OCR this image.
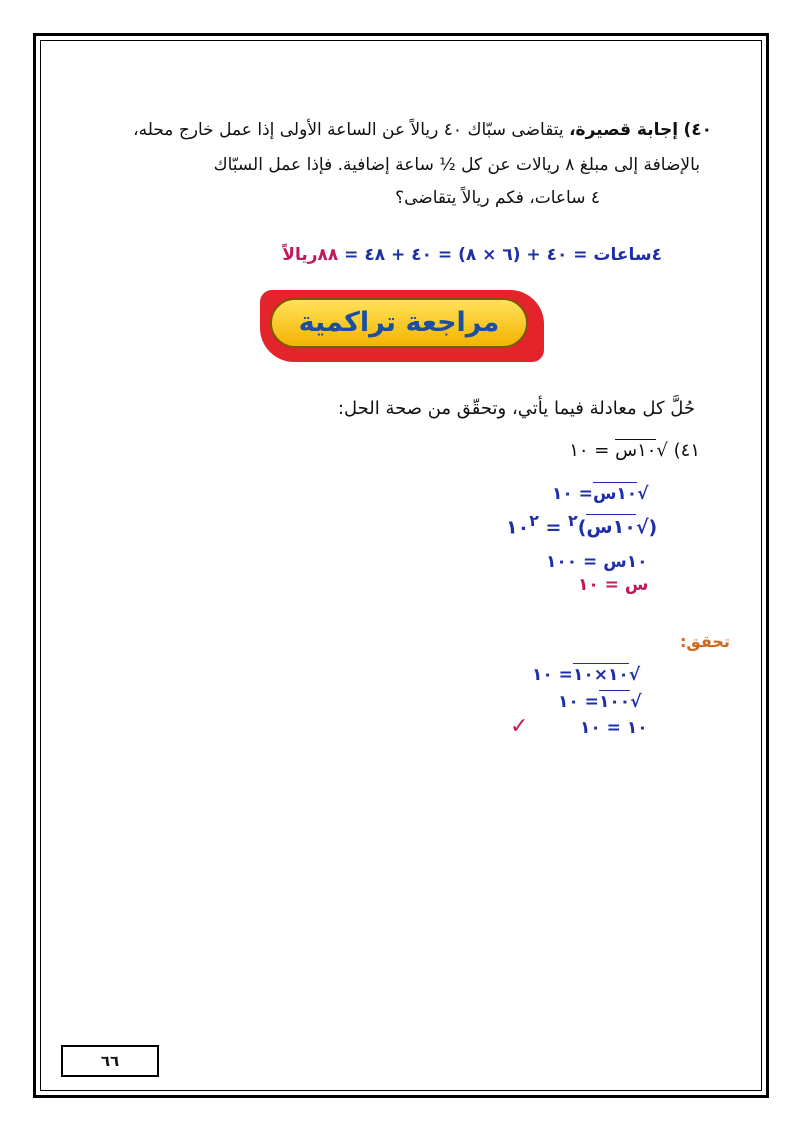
٤٠) إجابة قصيرة، يتقاضى سبّاك ٤٠ ريالاً عن الساعة الأولى إذا عمل خارج محله،
بالإضافة إلى مبلغ ٨ ريالات عن كل ½ ساعة إضافية. فإذا عمل السبّاك
٤ ساعات، فكم ريالاً يتقاضى؟
٤ساعات = ٤٠ + (٦ × ٨) = ٤٠ + ٤٨ = ٨٨ريالاً
مراجعة تراكمية
حُلَّ كل معادلة فيما يأتي، وتحقّق من صحة الحل:
٤١) √١٠س = ١٠
√١٠س= ١٠
(√١٠س)$^٢$ = $١٠^٢$
١٠س = ١٠٠
س = ١٠
تحقق:
√١٠×١٠= ١٠
√١٠٠= ١٠
١٠ = ١٠
✓
٦٦
